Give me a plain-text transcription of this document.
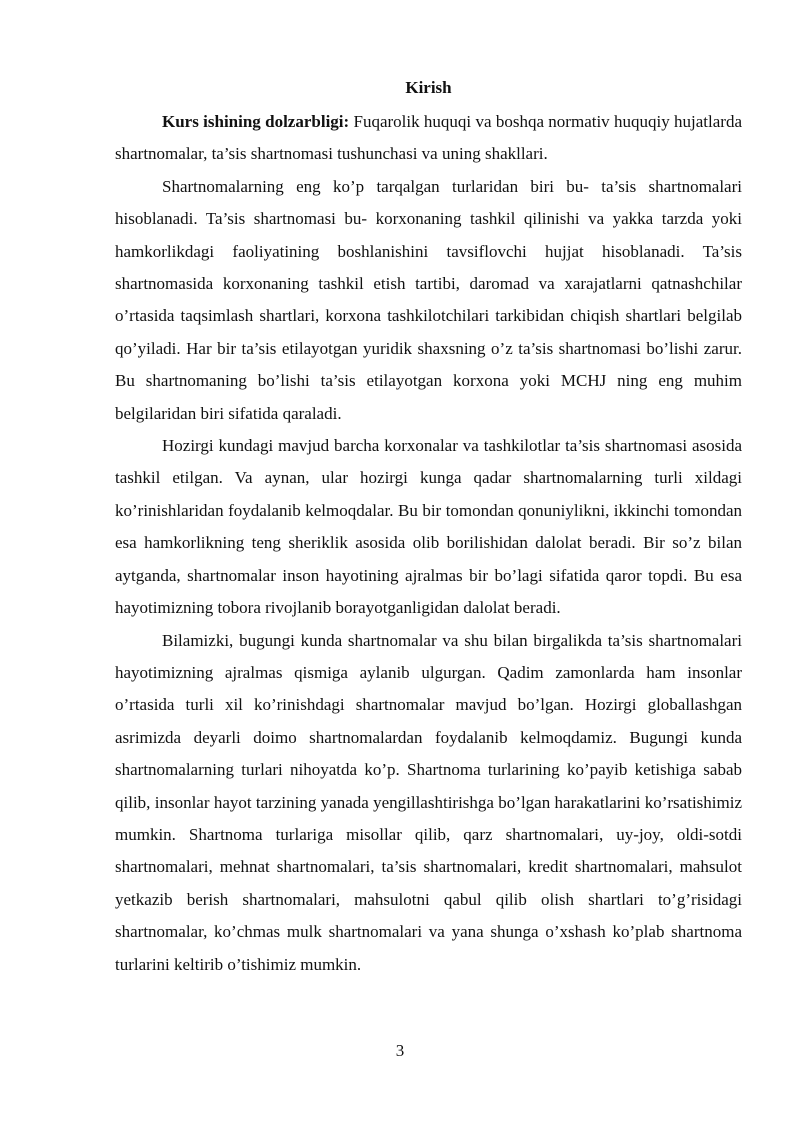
Kirish

Kurs ishining dolzarbligi: Fuqarolik huquqi va boshqa normativ huquqiy hujatlarda shartnomalar, ta’sis shartnomasi tushunchasi va uning shakllari.

Shartnomalarning eng ko’p tarqalgan turlaridan biri bu- ta’sis shartnomalari hisoblanadi. Ta’sis shartnomasi bu- korxonaning tashkil qilinishi va yakka tarzda yoki hamkorlikdagi faoliyatining boshlanishini tavsiflovchi hujjat hisoblanadi. Ta’sis shartnomasida korxonaning tashkil etish tartibi, daromad va xarajatlarni qatnashchilar o’rtasida taqsimlash shartlari, korxona tashkilotchilari tarkibidan chiqish shartlari belgilab qo’yiladi. Har bir ta’sis etilayotgan yuridik shaxsning o’z ta’sis shartnomasi bo’lishi zarur. Bu shartnomaning bo’lishi ta’sis etilayotgan korxona yoki MCHJ ning eng muhim belgilaridan biri sifatida qaraladi.

Hozirgi kundagi mavjud barcha korxonalar va tashkilotlar ta’sis shartnomasi asosida tashkil etilgan. Va aynan, ular hozirgi kunga qadar shartnomalarning turli xildagi ko’rinishlaridan foydalanib kelmoqdalar. Bu bir tomondan qonuniylikni, ikkinchi tomondan esa hamkorlikning teng sheriklik asosida olib borilishidan dalolat beradi. Bir so’z bilan aytganda, shartnomalar inson hayotining ajralmas bir bo’lagi sifatida qaror topdi. Bu esa hayotimizning tobora rivojlanib borayotganligidan dalolat beradi.

Bilamizki, bugungi kunda shartnomalar va shu bilan birgalikda ta’sis shartnomalari hayotimizning ajralmas qismiga aylanib ulgurgan. Qadim zamonlarda ham insonlar o’rtasida turli xil ko’rinishdagi shartnomalar mavjud bo’lgan. Hozirgi globallashgan asrimizda deyarli doimo shartnomalardan foydalanib kelmoqdamiz. Bugungi kunda shartnomalarning turlari nihoyatda ko’p. Shartnoma turlarining ko’payib ketishiga sabab qilib, insonlar hayot tarzining yanada yengillashtirishga bo’lgan harakatlarini ko’rsatishimiz mumkin. Shartnoma turlariga misollar qilib, qarz shartnomalari, uy-joy, oldi-sotdi shartnomalari, mehnat shartnomalari, ta’sis shartnomalari, kredit shartnomalari, mahsulot yetkazib berish shartnomalari, mahsulotni qabul qilib olish shartlari to’g’risidagi shartnomalar, ko’chmas mulk shartnomalari va yana shunga o’xshash ko’plab shartnoma turlarini keltirib o’tishimiz mumkin.

3
